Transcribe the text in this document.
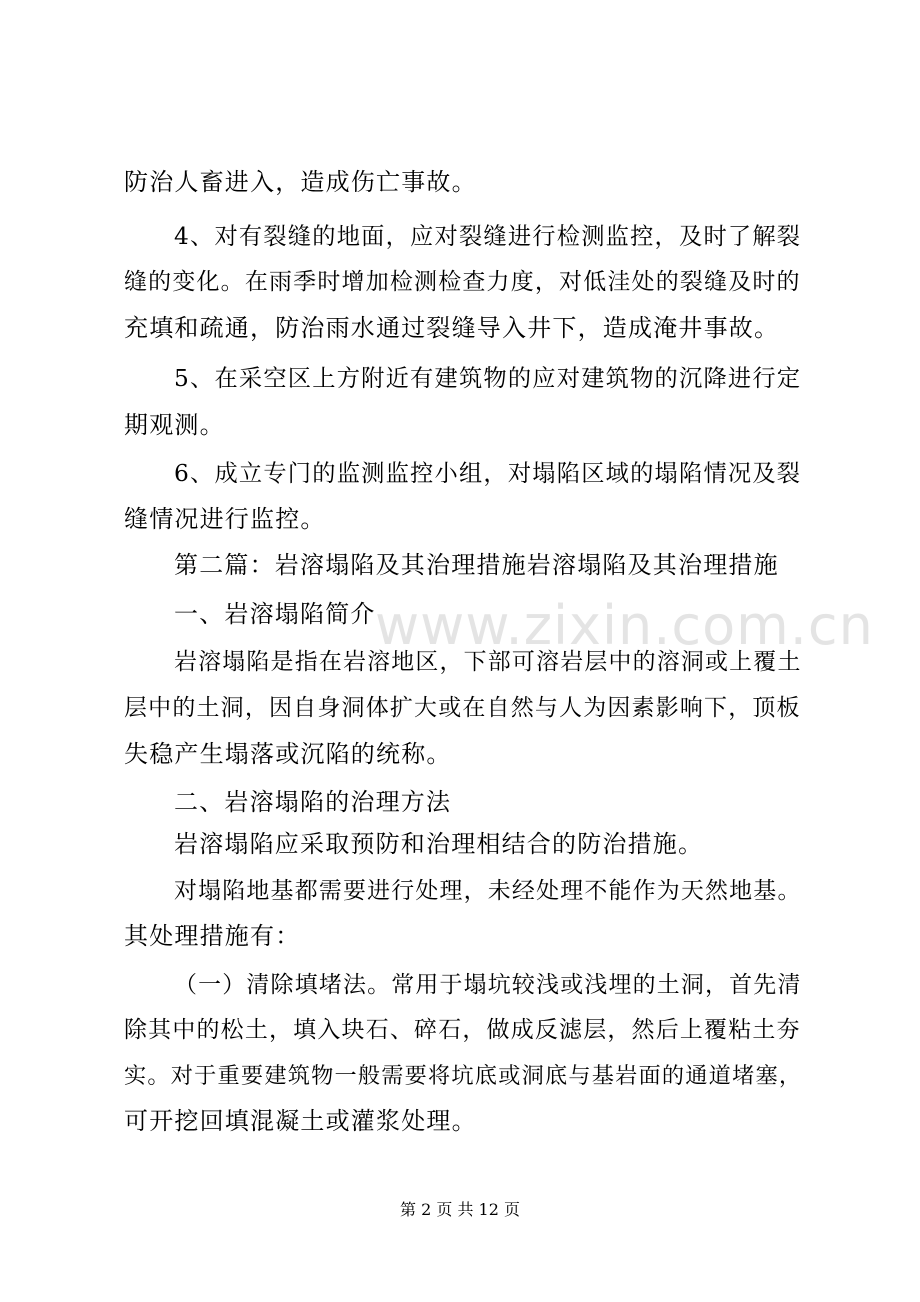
www.zixin.com.cn
防治人畜进入，造成伤亡事故。
4、对有裂缝的地面，应对裂缝进行检测监控，及时了解裂
缝的变化。在雨季时增加检测检查力度，对低洼处的裂缝及时的
充填和疏通，防治雨水通过裂缝导入井下，造成淹井事故。
5、在采空区上方附近有建筑物的应对建筑物的沉降进行定
期观测。
6、成立专门的监测监控小组，对塌陷区域的塌陷情况及裂
缝情况进行监控。
第二篇：岩溶塌陷及其治理措施岩溶塌陷及其治理措施
一、岩溶塌陷简介
岩溶塌陷是指在岩溶地区，下部可溶岩层中的溶洞或上覆土
层中的土洞，因自身洞体扩大或在自然与人为因素影响下，顶板
失稳产生塌落或沉陷的统称。
二、岩溶塌陷的治理方法
岩溶塌陷应采取预防和治理相结合的防治措施。
对塌陷地基都需要进行处理，未经处理不能作为天然地基。
其处理措施有：
（一）清除填堵法。常用于塌坑较浅或浅埋的土洞，首先清
除其中的松土，填入块石、碎石，做成反滤层，然后上覆粘土夯
实。对于重要建筑物一般需要将坑底或洞底与基岩面的通道堵塞，
可开挖回填混凝土或灌浆处理。
第 2 页 共 12 页
